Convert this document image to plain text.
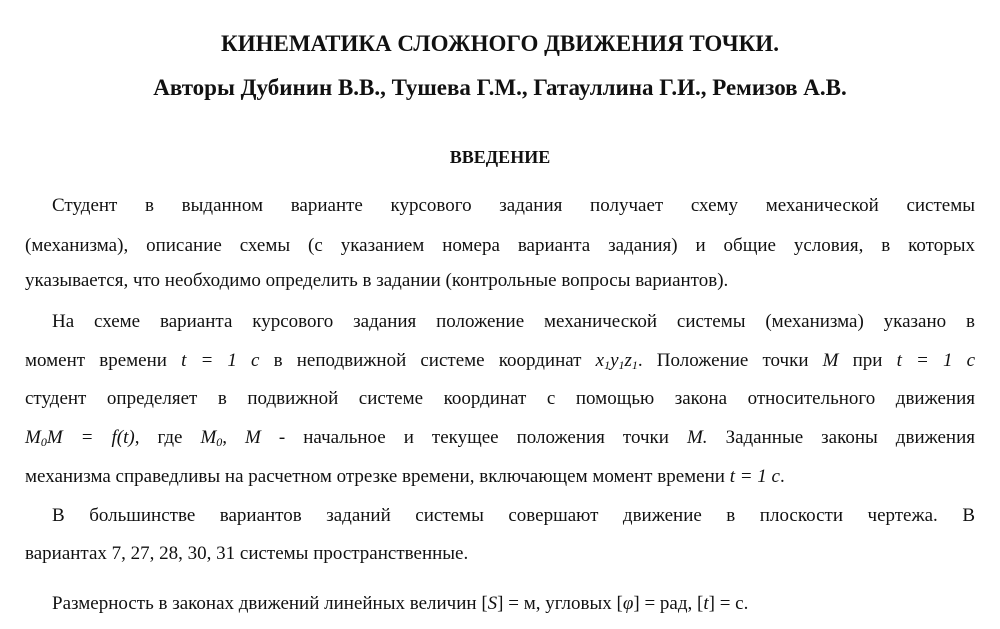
КИНЕМАТИКА СЛОЖНОГО ДВИЖЕНИЯ ТОЧКИ.
Авторы Дубинин В.В., Тушева Г.М., Гатауллина Г.И., Ремизов А.В.
ВВЕДЕНИЕ
Студент в выданном варианте курсового задания получает схему механической системы
(механизма), описание схемы (с указанием номера варианта задания) и общие условия, в которых
указывается, что необходимо определить в задании (контрольные вопросы вариантов).
На схеме варианта курсового задания положение механической системы (механизма) указано в
момент времени t = 1 c в неподвижной системе координат $x_1y_1z_1$. Положение точки M при t = 1 c
студент определяет в подвижной системе координат с помощью закона относительного движения
$M_0M = f(t)$, где $M_0$, M - начальное и текущее положения точки M. Заданные законы движения
механизма справедливы на расчетном отрезке времени, включающем момент времени t = 1 c.
В большинстве вариантов заданий системы совершают движение в плоскости чертежа. В
вариантах 7, 27, 28, 30, 31 системы пространственные.
Размерность в законах движений линейных величин [S] = м, угловых [φ] = рад, [t] = с.
